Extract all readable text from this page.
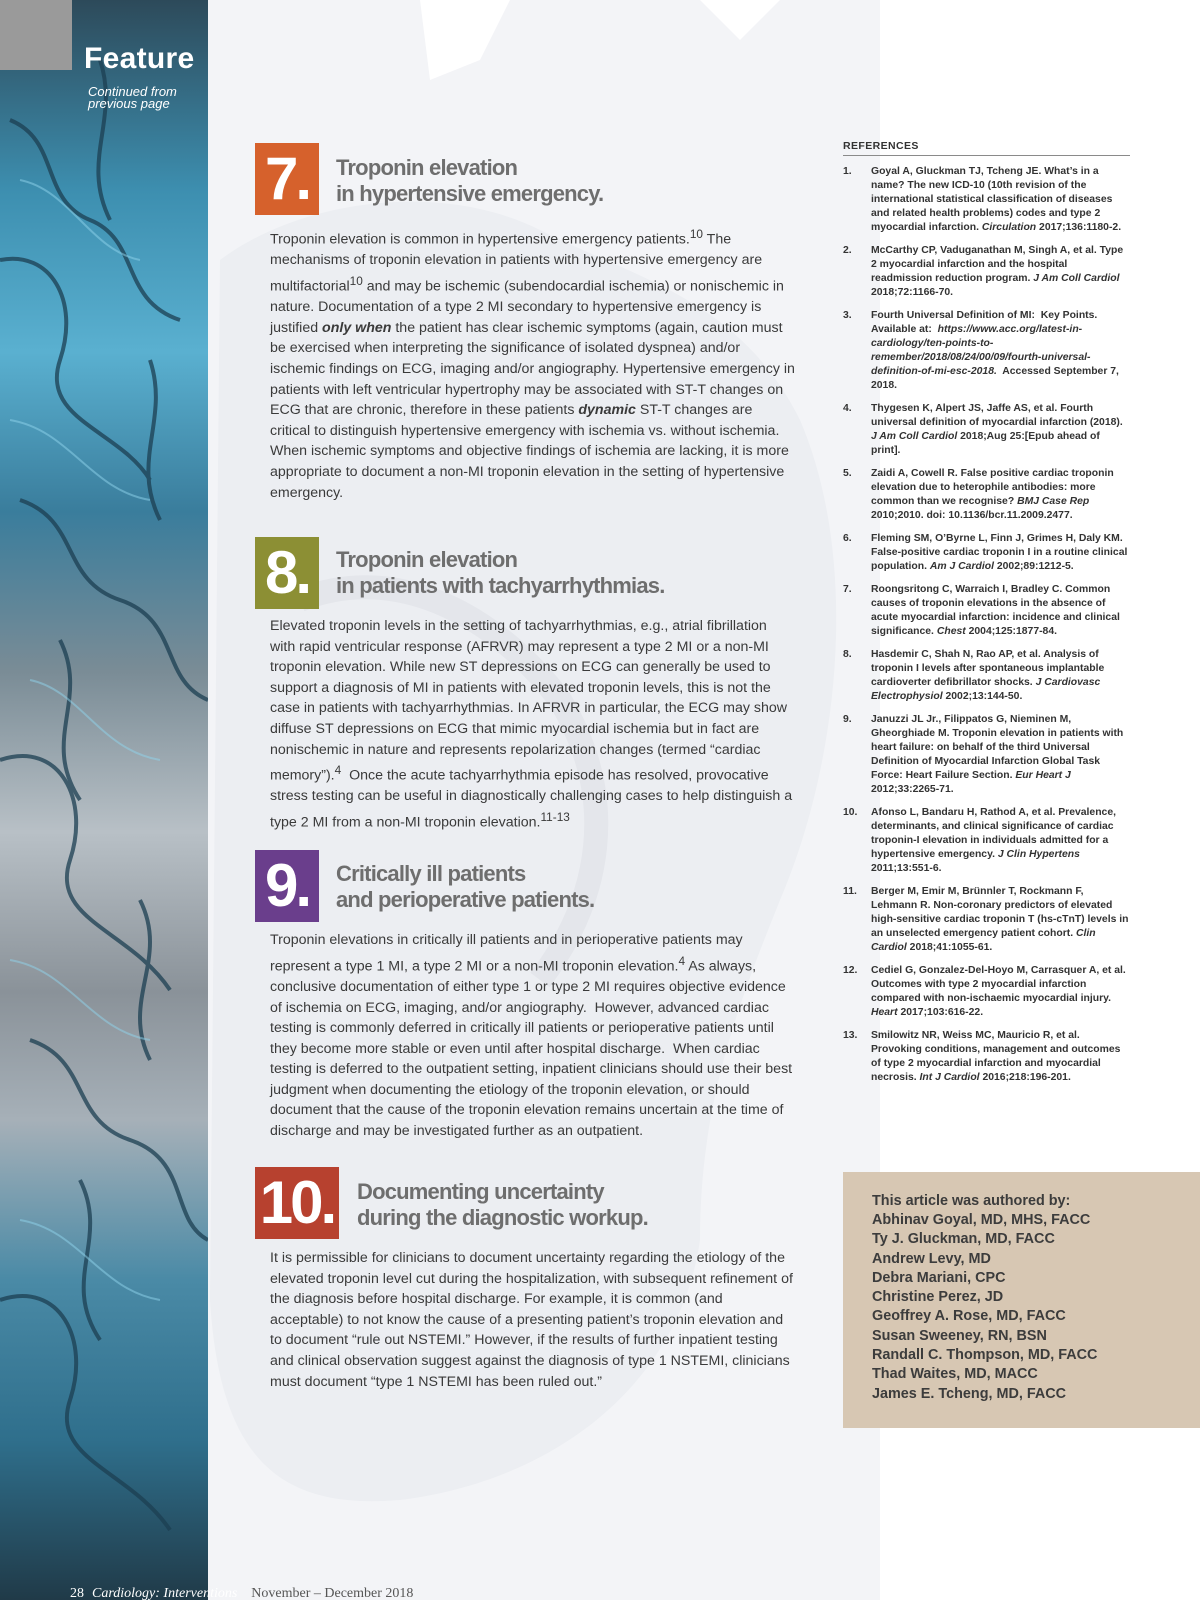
Feature
Continued from previous page
7.	Troponin elevation
in hypertensive emergency.
Troponin elevation is common in hypertensive emergency patients.$^{10}$ The mechanisms of troponin elevation in patients with hypertensive emergency are multifactorial$^{10}$ and may be ischemic (subendocardial ischemia) or nonischemic in nature. Documentation of a type 2 MI secondary to hypertensive emergency is justified only when the patient has clear ischemic symptoms (again, caution must be exercised when interpreting the significance of isolated dyspnea) and/or ischemic findings on ECG, imaging and/or angiography. Hypertensive emergency in patients with left ventricular hypertrophy may be associated with ST-T changes on ECG that are chronic, therefore in these patients dynamic ST-T changes are critical to distinguish hypertensive emergency with ischemia vs. without ischemia. When ischemic symptoms and objective findings of ischemia are lacking, it is more appropriate to document a non-MI troponin elevation in the setting of hypertensive emergency.
8.	Troponin elevation
in patients with tachyarrhythmias.
Elevated troponin levels in the setting of tachyarrhythmias, e.g., atrial fibrillation with rapid ventricular response (AFRVR) may represent a type 2 MI or a non-MI troponin elevation. While new ST depressions on ECG can generally be used to support a diagnosis of MI in patients with elevated troponin levels, this is not the case in patients with tachyarrhythmias. In AFRVR in particular, the ECG may show diffuse ST depressions on ECG that mimic myocardial ischemia but in fact are nonischemic in nature and represents repolarization changes (termed “cardiac memory”).$^4$  Once the acute tachyarrhythmia episode has resolved, provocative stress testing can be useful in diagnostically challenging cases to help distinguish a type 2 MI from a non-MI troponin elevation.$^{11-13}$
9.	Critically ill patients
and perioperative patients.
Troponin elevations in critically ill patients and in perioperative patients may represent a type 1 MI, a type 2 MI or a non-MI troponin elevation.$^4$ As always, conclusive documentation of either type 1 or type 2 MI requires objective evidence of ischemia on ECG, imaging, and/or angiography.  However, advanced cardiac testing is commonly deferred in critically ill patients or perioperative patients until they become more stable or even until after hospital discharge.  When cardiac testing is deferred to the outpatient setting, inpatient clinicians should use their best judgment when documenting the etiology of the troponin elevation, or should document that the cause of the troponin elevation remains uncertain at the time of discharge and may be investigated further as an outpatient.
10. Documenting uncertainty
during the diagnostic workup.
It is permissible for clinicians to document uncertainty regarding the etiology of the elevated troponin level cut during the hospitalization, with subsequent refinement of the diagnosis before hospital discharge. For example, it is common (and acceptable) to not know the cause of a presenting patient’s troponin elevation and to document “rule out NSTEMI.” However, if the results of further inpatient testing and clinical observation suggest against the diagnosis of type 1 NSTEMI, clinicians must document “type 1 NSTEMI has been ruled out.”
REFERENCES
1. Goyal A, Gluckman TJ, Tcheng JE. What’s in a name? The new ICD-10 (10th revision of the international statistical classification of diseases and related health problems) codes and type 2 myocardial infarction. Circulation 2017;136:1180-2.
2. McCarthy CP, Vaduganathan M, Singh A, et al. Type 2 myocardial infarction and the hospital readmission reduction program. J Am Coll Cardiol 2018;72:1166-70.
3. Fourth Universal Definition of MI:  Key Points.  Available at:  https://www.acc.org/latest-in-cardiology/ten-points-to-remember/2018/08/24/00/09/fourth-universal-definition-of-mi-esc-2018.  Accessed September 7, 2018.
4. Thygesen K, Alpert JS, Jaffe AS, et al. Fourth universal definition of myocardial infarction (2018). J Am Coll Cardiol 2018;Aug 25:[Epub ahead of print].
5. Zaidi A, Cowell R. False positive cardiac troponin elevation due to heterophile antibodies: more common than we recognise? BMJ Case Rep 2010;2010. doi: 10.1136/bcr.11.2009.2477.
6. Fleming SM, O’Byrne L, Finn J, Grimes H, Daly KM. False-positive cardiac troponin I in a routine clinical population. Am J Cardiol 2002;89:1212-5.
7. Roongsritong C, Warraich I, Bradley C. Common causes of troponin elevations in the absence of acute myocardial infarction: incidence and clinical significance. Chest 2004;125:1877-84.
8. Hasdemir C, Shah N, Rao AP, et al. Analysis of troponin I levels after spontaneous implantable cardioverter defibrillator shocks. J Cardiovasc Electrophysiol 2002;13:144-50.
9. Januzzi JL Jr., Filippatos G, Nieminen M, Gheorghiade M. Troponin elevation in patients with heart failure: on behalf of the third Universal Definition of Myocardial Infarction Global Task Force: Heart Failure Section. Eur Heart J 2012;33:2265-71.
10. Afonso L, Bandaru H, Rathod A, et al. Prevalence, determinants, and clinical significance of cardiac troponin-I elevation in individuals admitted for a hypertensive emergency. J Clin Hypertens 2011;13:551-6.
11. Berger M, Emir M, Brünnler T, Rockmann F, Lehmann R. Non-coronary predictors of elevated high-sensitive cardiac troponin T (hs-cTnT) levels in an unselected emergency patient cohort. Clin Cardiol 2018;41:1055-61.
12. Cediel G, Gonzalez-Del-Hoyo M, Carrasquer A, et al. Outcomes with type 2 myocardial infarction compared with non-ischaemic myocardial injury. Heart 2017;103:616-22.
13. Smilowitz NR, Weiss MC, Mauricio R, et al. Provoking conditions, management and outcomes of type 2 myocardial infarction and myocardial necrosis. Int J Cardiol 2016;218:196-201.
This article was authored by:
Abhinav Goyal, MD, MHS, FACC
Ty J. Gluckman, MD, FACC
Andrew Levy, MD
Debra Mariani, CPC
Christine Perez, JD
Geoffrey A. Rose, MD, FACC
Susan Sweeney, RN, BSN
Randall C. Thompson, MD, FACC
Thad Waites, MD, MACC
James E. Tcheng, MD, FACC
28 Cardiology: Interventions November – December 2018
